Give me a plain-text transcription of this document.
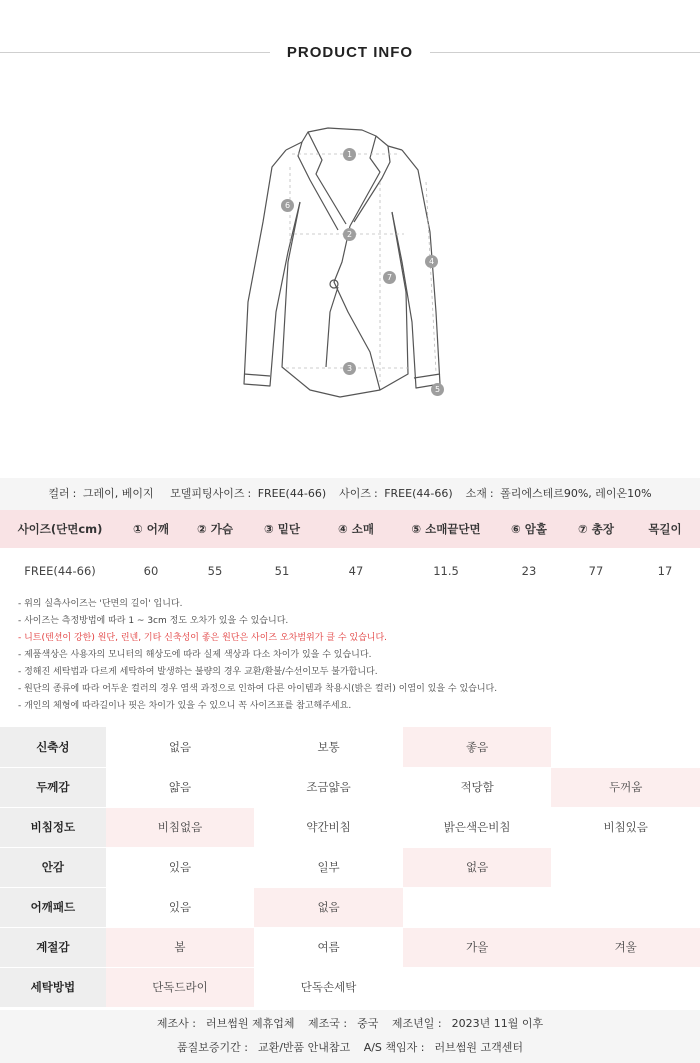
PRODUCT INFO
1
2
3
4
5
6
7
컬러 : 그레이, 베이지 모델피팅사이즈 : FREE(44-66) 사이즈 : FREE(44-66) 소재 : 폴리에스테르90%, 레이온10%
사이즈(단면cm)	① 어깨	② 가슴	③ 밑단	④ 소매	⑤ 소매끝단면	⑥ 암홀	⑦ 총장	목길이
FREE(44-66)	60	55	51	47	11.5	23	77	17
- 위의 실측사이즈는 '단면의 길이' 입니다.
- 사이즈는 측정방법에 따라 1 ~ 3cm 정도 오차가 있을 수 있습니다.
- 니트(텐션이 강한) 원단, 린넨, 기타 신축성이 좋은 원단은 사이즈 오차범위가 클 수 있습니다.
- 제품색상은 사용자의 모니터의 해상도에 따라 실제 색상과 다소 차이가 있을 수 있습니다.
- 정해진 세탁법과 다르게 세탁하여 발생하는 불량의 경우 교환/환불/수선이모두 불가합니다.
- 원단의 종류에 따라 어두운 컬러의 경우 염색 과정으로 인하여 다른 아이템과 착용시(밝은 컬러) 이염이 있을 수 있습니다.
- 개인의 체형에 따라길이나 핏은 차이가 있을 수 있으니 꼭 사이즈표를 참고해주세요.
신축성	없음	보통	좋음	
두께감	얇음	조금얇음	적당함	두꺼움
비침정도	비침없음	약간비침	밝은색은비침	비침있음
안감	있음	일부	없음	
어깨패드	있음	없음		
계절감	봄	여름	가을	겨울
세탁방법	단독드라이	단독손세탁		
제조사 : 러브썸원 제휴업체 제조국 : 중국 제조년일 : 2023년 11월 이후
품질보증기간 : 교환/반품 안내참고 A/S 책임자 : 러브썸원 고객센터
